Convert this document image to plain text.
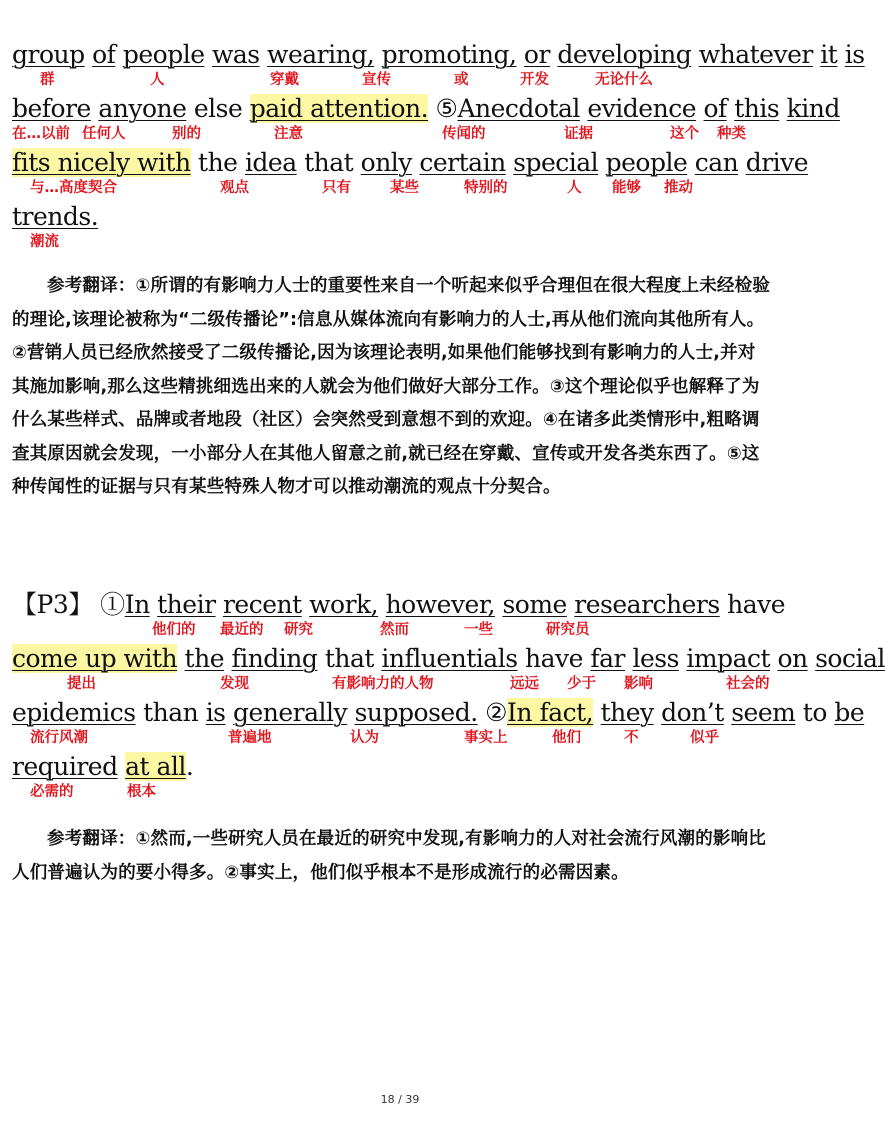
group of people was wearing, promoting, or developing whatever it is
群	人	穿戴	宣传	或	开发	无论什么
before anyone else paid attention. ⑤Anecdotal evidence of this kind
在…以前 任何人	别的	注意	传闻的	证据	这个 种类
fits nicely with the idea that only certain special people can drive
与…高度契合	观点	只有	某些	特别的	人 能够 推动
trends.
潮流
参考翻译：①所谓的有影响力人士的重要性来自一个听起来似乎合理但在很大程度上未经检验的理论,该理论被称为“二级传播论”:信息从媒体流向有影响力的人士,再从他们流向其他所有人。②营销人员已经欣然接受了二级传播论,因为该理论表明,如果他们能够找到有影响力的人士,并对其施加影响,那么这些精挑细选出来的人就会为他们做好大部分工作。③这个理论似乎也解释了为什么某些样式、品牌或者地段（社区）会突然受到意想不到的欢迎。④在诸多此类情形中,粗略调查其原因就会发现，一小部分人在其他人留意之前,就已经在穿戴、宣传或开发各类东西了。⑤这种传闻性的证据与只有某些特殊人物才可以推动潮流的观点十分契合。
【P3】 ①In their recent work, however, some researchers have
他们的 最近的 研究	然而	一些	研究员
come up with the finding that influentials have far less impact on social
提出	发现	有影响力的人物	远远 少于 影响	社会的
epidemics than is generally supposed. ②In fact, they don’t seem to be
流行风潮	普遍地	认为	事实上	他们	不	似乎
required at all.
必需的	根本
参考翻译：①然而,一些研究人员在最近的研究中发现,有影响力的人对社会流行风潮的影响比人们普遍认为的要小得多。②事实上，他们似乎根本不是形成流行的必需因素。
18 / 39
